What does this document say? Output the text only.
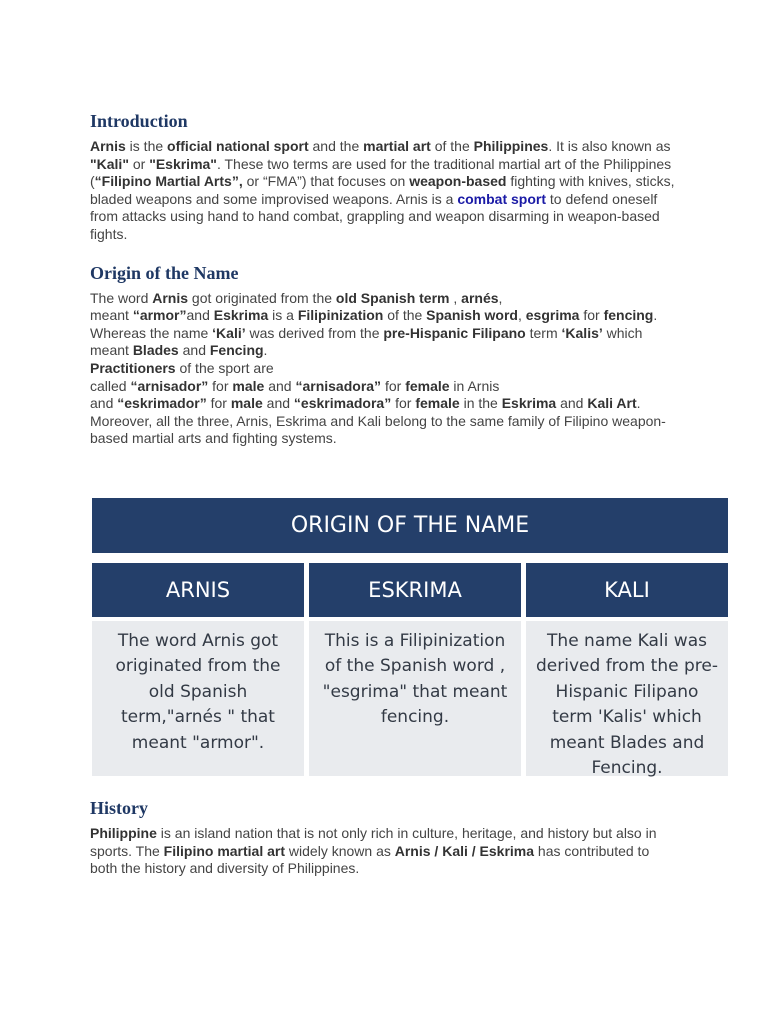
Introduction

Arnis is the official national sport and the martial art of the Philippines. It is also known as "Kali" or "Eskrima". These two terms are used for the traditional martial art of the Philippines (“Filipino Martial Arts”, or “FMA”) that focuses on weapon-based fighting with knives, sticks, bladed weapons and some improvised weapons. Arnis is a combat sport to defend oneself from attacks using hand to hand combat, grappling and weapon disarming in weapon-based fights.

Origin of the Name

The word Arnis got originated from the old Spanish term , arnés,
meant “armor”and Eskrima is a Filipinization of the Spanish word, esgrima for fencing. Whereas the name ‘Kali’ was derived from the pre-Hispanic Filipano term ‘Kalis’ which meant Blades and Fencing.
Practitioners of the sport are
called “arnisador” for male and “arnisadora” for female in Arnis
and “eskrimador” for male and “eskrimadora” for female in the Eskrima and Kali Art.
Moreover, all the three, Arnis, Eskrima and Kali belong to the same family of Filipino weapon-based martial arts and fighting systems.

ORIGIN OF THE NAME
ARNIS
The word Arnis got originated from the old Spanish term,"arnés " that meant "armor".
ESKRIMA
This is a Filipinization of the Spanish word , "esgrima" that meant fencing.
KALI
The name Kali was derived from the pre-Hispanic Filipano term 'Kalis' which meant Blades and Fencing.
History

Philippine is an island nation that is not only rich in culture, heritage, and history but also in sports. The Filipino martial art widely known as Arnis / Kali / Eskrima has contributed to both the history and diversity of Philippines.
